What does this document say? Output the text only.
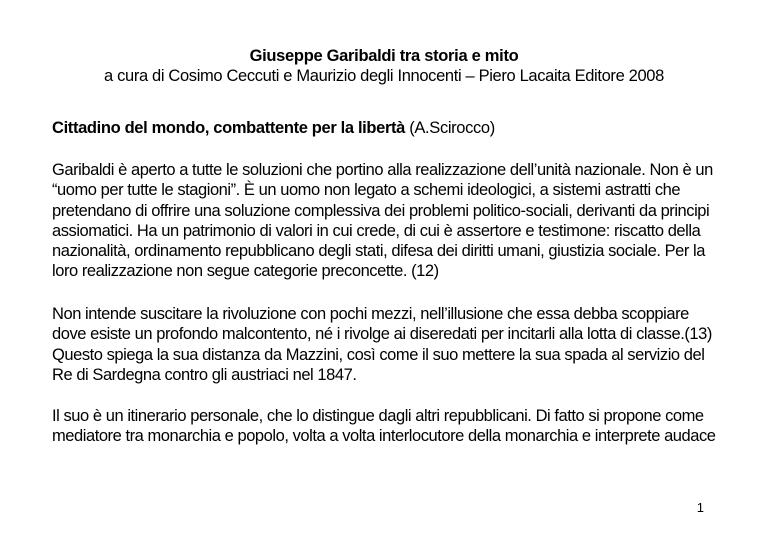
Giuseppe Garibaldi tra storia e mito
a cura di Cosimo Ceccuti e Maurizio degli Innocenti – Piero Lacaita Editore 2008
Cittadino del mondo, combattente per la libertà (A.Scirocco)
Garibaldi è aperto a tutte le soluzioni che portino alla realizzazione dell’unità nazionale. Non è un
“uomo per tutte le stagioni”. È un uomo non legato a schemi ideologici, a sistemi astratti che
pretendano di offrire una soluzione complessiva dei problemi politico-sociali, derivanti da principi
assiomatici. Ha un patrimonio di valori in cui crede, di cui è assertore e testimone: riscatto della
nazionalità, ordinamento repubblicano degli stati, difesa dei diritti umani, giustizia sociale. Per la
loro realizzazione non segue categorie preconcette. (12)
Non intende suscitare la rivoluzione con pochi mezzi, nell’illusione che essa debba scoppiare
dove esiste un profondo malcontento, né i rivolge ai diseredati per incitarli alla lotta di classe.(13)
Questo spiega la sua distanza da Mazzini, così come il suo mettere la sua spada al servizio del
Re di Sardegna contro gli austriaci nel 1847.
Il suo è un itinerario personale, che lo distingue dagli altri repubblicani. Di fatto si propone come
mediatore tra monarchia e popolo, volta a volta interlocutore della monarchia e interprete audace
1
